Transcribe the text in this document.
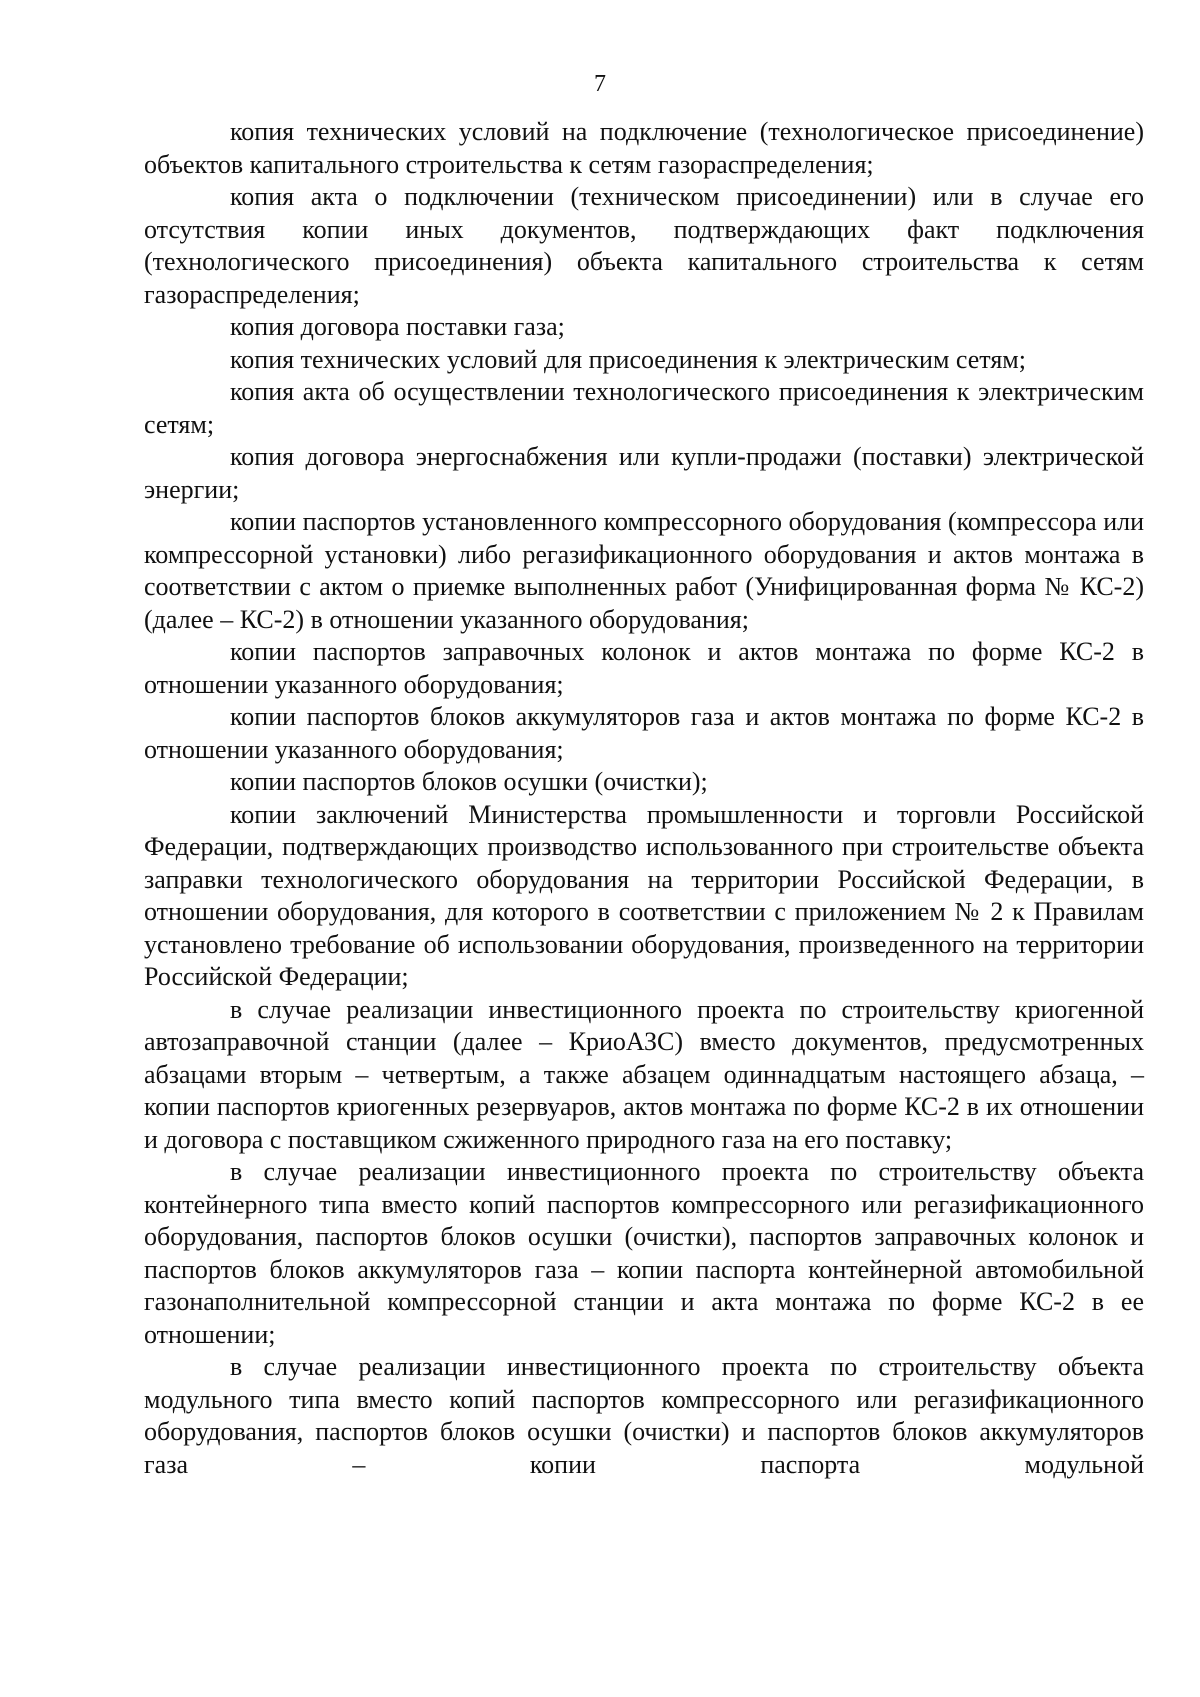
7

копия технических условий на подключение (технологическое присоединение) объектов капитального строительства к сетям газораспределения;

копия акта о подключении (техническом присоединении) или в случае его отсутствия копии иных документов, подтверждающих факт подключения (технологического присоединения) объекта капитального строительства к сетям газораспределения;

копия договора поставки газа;

копия технических условий для присоединения к электрическим сетям;

копия акта об осуществлении технологического присоединения к электрическим сетям;

копия договора энергоснабжения или купли-продажи (поставки) электрической энергии;

копии паспортов установленного компрессорного оборудования (компрессора или компрессорной установки) либо регазификационного оборудования и актов монтажа в соответствии с актом о приемке выполненных работ (Унифицированная форма № КС-2) (далее – КС-2) в отношении указанного оборудования;

копии паспортов заправочных колонок и актов монтажа по форме КС-2 в отношении указанного оборудования;

копии паспортов блоков аккумуляторов газа и актов монтажа по форме КС-2 в отношении указанного оборудования;

копии паспортов блоков осушки (очистки);

копии заключений Министерства промышленности и торговли Российской Федерации, подтверждающих производство использованного при строительстве объекта заправки технологического оборудования на территории Российской Федерации, в отношении оборудования, для которого в соответствии с приложением № 2 к Правилам установлено требование об использовании оборудования, произведенного на территории Российской Федерации;

в случае реализации инвестиционного проекта по строительству криогенной автозаправочной станции (далее – КриоАЗС) вместо документов, предусмотренных абзацами вторым – четвертым, а также абзацем одиннадцатым настоящего абзаца, – копии паспортов криогенных резервуаров, актов монтажа по форме КС-2 в их отношении и договора с поставщиком сжиженного природного газа на его поставку;

в случае реализации инвестиционного проекта по строительству объекта контейнерного типа вместо копий паспортов компрессорного или регазификационного оборудования, паспортов блоков осушки (очистки), паспортов заправочных колонок и паспортов блоков аккумуляторов газа – копии паспорта контейнерной автомобильной газонаполнительной компрессорной станции и акта монтажа по форме КС-2 в ее отношении;

в случае реализации инвестиционного проекта по строительству объекта модульного типа вместо копий паспортов компрессорного или регазификационного оборудования, паспортов блоков осушки (очистки) и паспортов блоков аккумуляторов газа – копии паспорта модульной
